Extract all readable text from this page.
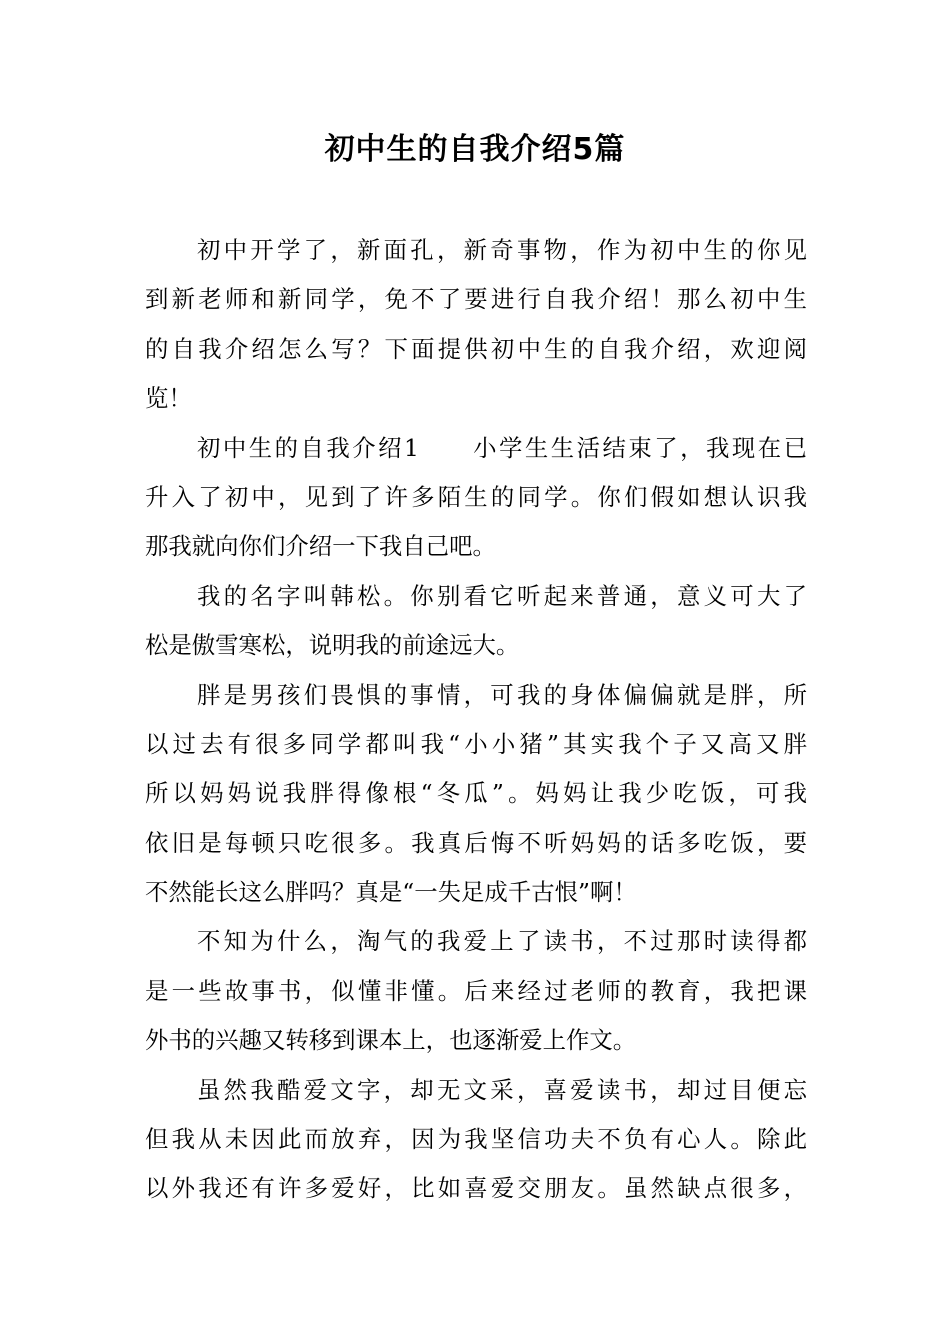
初中生的自我介绍5篇
初中开学了，新面孔，新奇事物，作为初中生的你见
到新老师和新同学，免不了要进行自我介绍！那么初中生
的自我介绍怎么写？下面提供初中生的自我介绍，欢迎阅
览！
初中生的自我介绍1　　小学生生活结束了，我现在已
升入了初中，见到了许多陌生的同学。你们假如想认识我
那我就向你们介绍一下我自己吧。
我的名字叫韩松。你别看它听起来普通，意义可大了
松是傲雪寒松，说明我的前途远大。
胖是男孩们畏惧的事情，可我的身体偏偏就是胖，所
以过去有很多同学都叫我“小小猪”其实我个子又高又胖
所以妈妈说我胖得像根“冬瓜”。妈妈让我少吃饭，可我
依旧是每顿只吃很多。我真后悔不听妈妈的话多吃饭，要
不然能长这么胖吗？真是“一失足成千古恨”啊！
不知为什么，淘气的我爱上了读书，不过那时读得都
是一些故事书，似懂非懂。后来经过老师的教育，我把课
外书的兴趣又转移到课本上，也逐渐爱上作文。
虽然我酷爱文字，却无文采，喜爱读书，却过目便忘
但我从未因此而放弃，因为我坚信功夫不负有心人。除此
以外我还有许多爱好，比如喜爱交朋友。虽然缺点很多，
